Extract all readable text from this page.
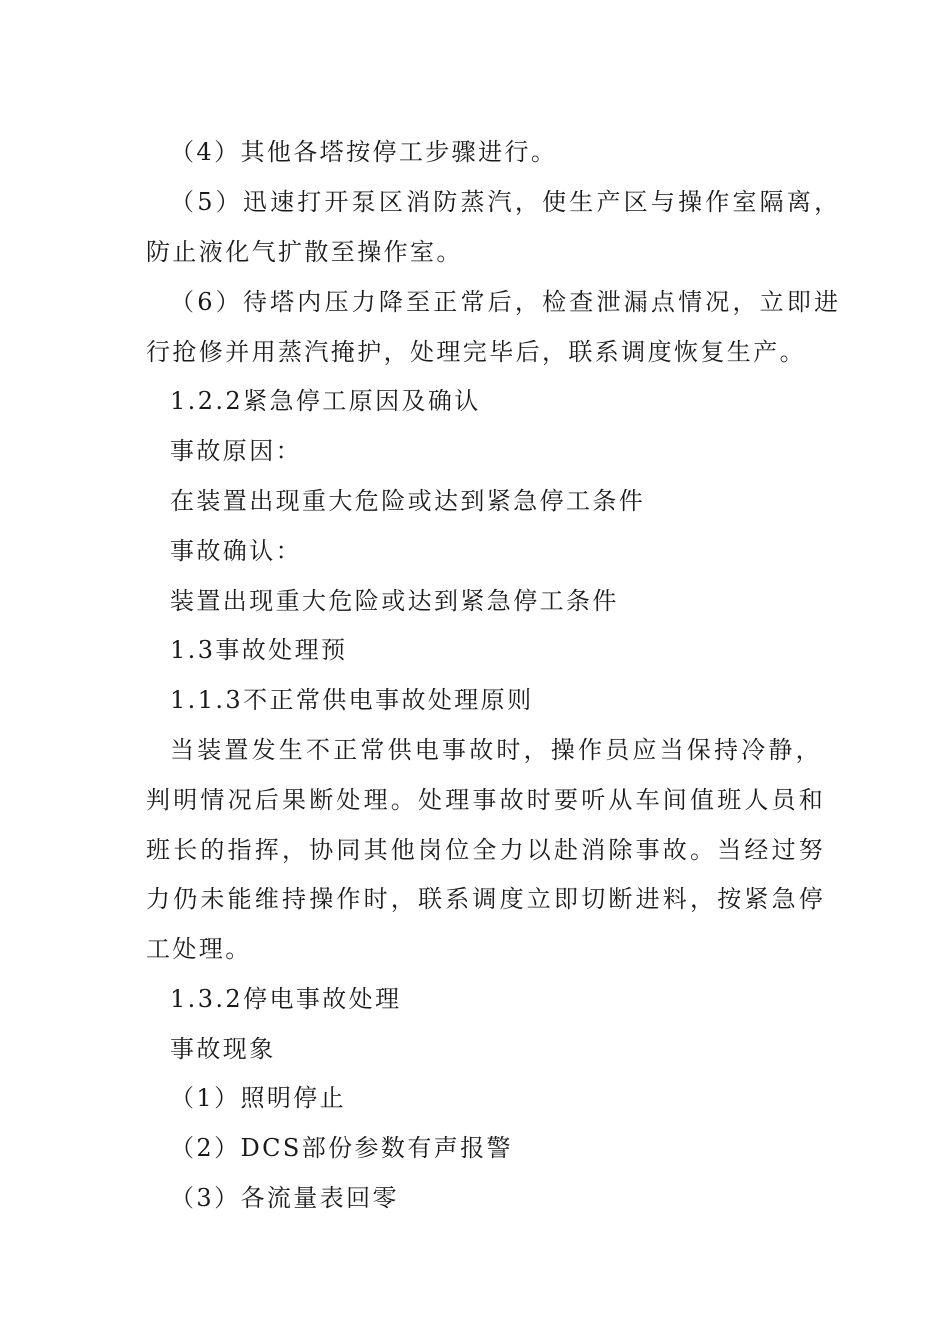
（4）其他各塔按停工步骤进行。
（5）迅速打开泵区消防蒸汽，使生产区与操作室隔离，
防止液化气扩散至操作室。
（6）待塔内压力降至正常后，检查泄漏点情况，立即进
行抢修并用蒸汽掩护，处理完毕后，联系调度恢复生产。
1.2.2紧急停工原因及确认
事故原因：
在装置出现重大危险或达到紧急停工条件
事故确认：
装置出现重大危险或达到紧急停工条件
1.3事故处理预
1.1.3不正常供电事故处理原则
当装置发生不正常供电事故时，操作员应当保持冷静，
判明情况后果断处理。处理事故时要听从车间值班人员和
班长的指挥，协同其他岗位全力以赴消除事故。当经过努
力仍未能维持操作时，联系调度立即切断进料，按紧急停
工处理。
1.3.2停电事故处理
事故现象
（1）照明停止
（2）DCS部份参数有声报警
（3）各流量表回零
